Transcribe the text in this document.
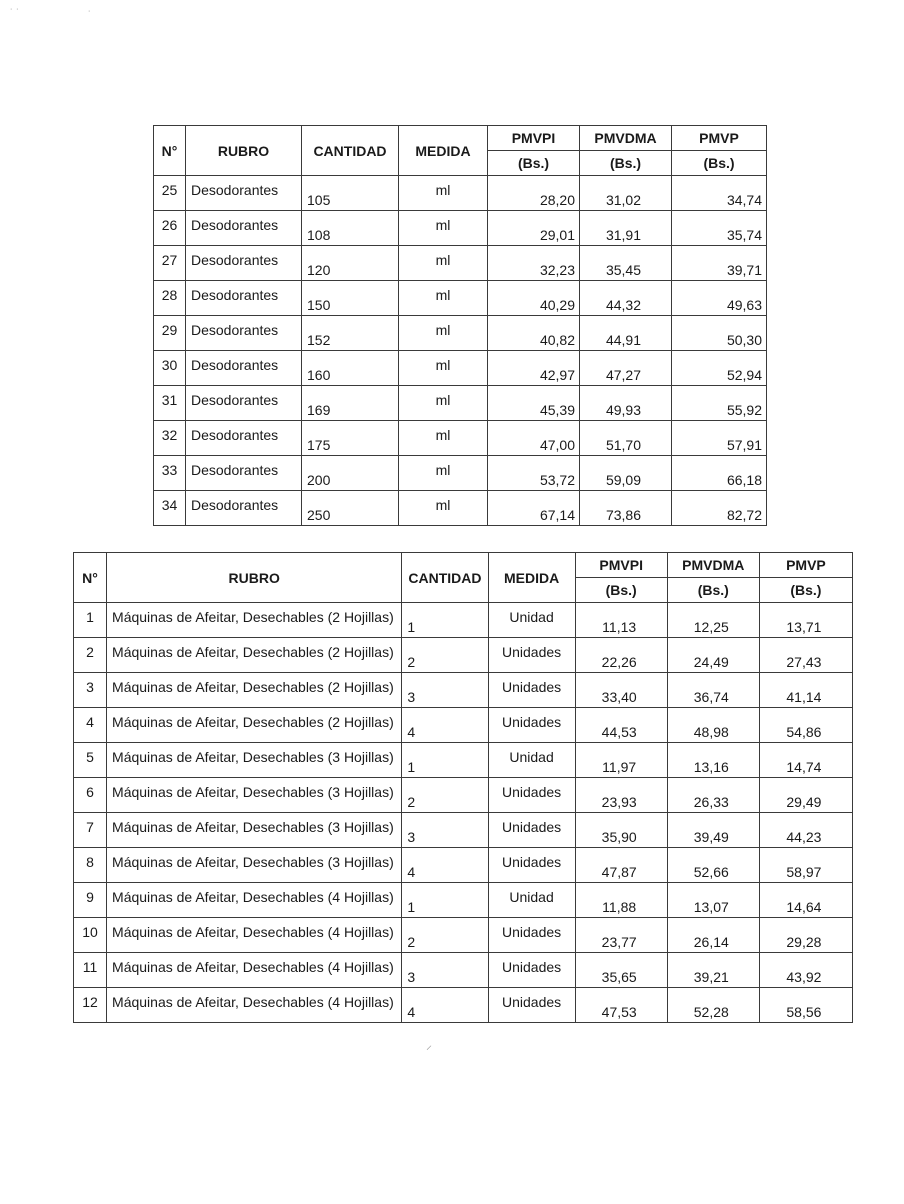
˙ ˙	˙
N°	RUBRO	CANTIDAD	MEDIDA	PMVPI	PMVDMA	PMVP
				(Bs.)	(Bs.)	(Bs.)
25	Desodorantes	105	ml	28,20	31,02	34,74
26	Desodorantes	108	ml	29,01	31,91	35,74
27	Desodorantes	120	ml	32,23	35,45	39,71
28	Desodorantes	150	ml	40,29	44,32	49,63
29	Desodorantes	152	ml	40,82	44,91	50,30
30	Desodorantes	160	ml	42,97	47,27	52,94
31	Desodorantes	169	ml	45,39	49,93	55,92
32	Desodorantes	175	ml	47,00	51,70	57,91
33	Desodorantes	200	ml	53,72	59,09	66,18
34	Desodorantes	250	ml	67,14	73,86	82,72
N°	RUBRO	CANTIDAD	MEDIDA	PMVPI	PMVDMA	PMVP
				(Bs.)	(Bs.)	(Bs.)
1	Máquinas de Afeitar, Desechables (2 Hojillas)	1	Unidad	11,13	12,25	13,71
2	Máquinas de Afeitar, Desechables (2 Hojillas)	2	Unidades	22,26	24,49	27,43
3	Máquinas de Afeitar, Desechables (2 Hojillas)	3	Unidades	33,40	36,74	41,14
4	Máquinas de Afeitar, Desechables (2 Hojillas)	4	Unidades	44,53	48,98	54,86
5	Máquinas de Afeitar, Desechables (3 Hojillas)	1	Unidad	11,97	13,16	14,74
6	Máquinas de Afeitar, Desechables (3 Hojillas)	2	Unidades	23,93	26,33	29,49
7	Máquinas de Afeitar, Desechables (3 Hojillas)	3	Unidades	35,90	39,49	44,23
8	Máquinas de Afeitar, Desechables (3 Hojillas)	4	Unidades	47,87	52,66	58,97
9	Máquinas de Afeitar, Desechables (4 Hojillas)	1	Unidad	11,88	13,07	14,64
10	Máquinas de Afeitar, Desechables (4 Hojillas)	2	Unidades	23,77	26,14	29,28
11	Máquinas de Afeitar, Desechables (4 Hojillas)	3	Unidades	35,65	39,21	43,92
12	Máquinas de Afeitar, Desechables (4 Hojillas)	4	Unidades	47,53	52,28	58,56
⸝
